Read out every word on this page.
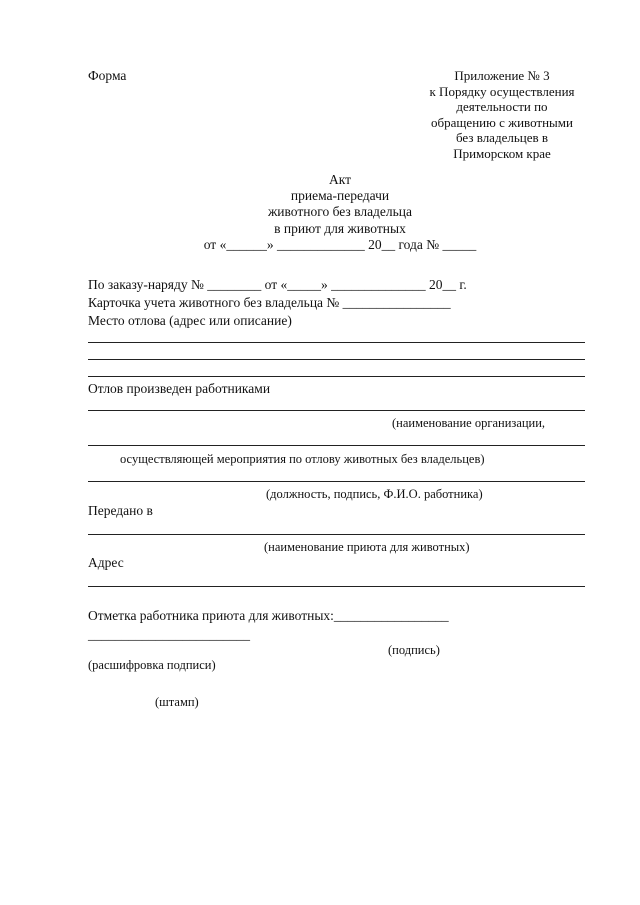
Форма	Приложение № 3
к Порядку осуществления
деятельности по
обращению с животными
без владельцев в
Приморском крае
Акт
приема-передачи
животного без владельца
в приют для животных
от «______» _____________ 20__ года № _____
По заказу-наряду № ________ от «_____» ______________ 20__ г.
Карточка учета животного без владельца № ________________
Место отлова (адрес или описание)
Отлов произведен работниками
(наименование организации,
осуществляющей мероприятия по отлову животных без владельцев)
(должность, подпись, Ф.И.О. работника)
Передано в
(наименование приюта для животных)
Адрес
Отметка работника приюта для животных:_________________
________________________
(подпись)
(расшифровка подписи)
(штамп)
